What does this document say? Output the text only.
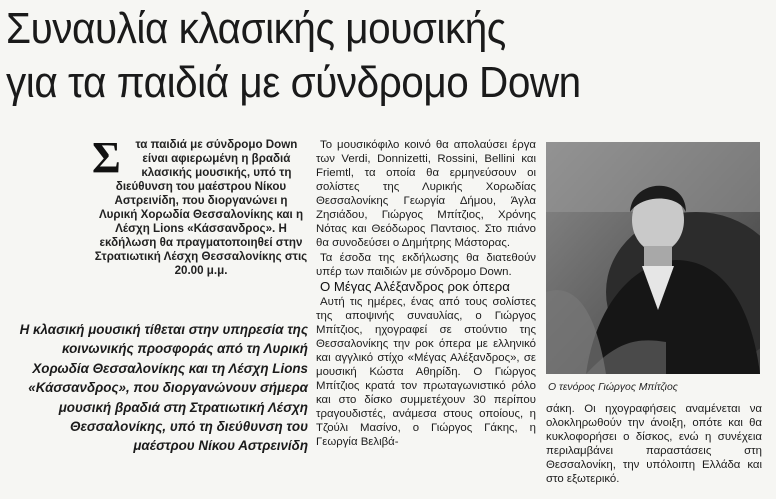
Συναυλία κλασικής μουσικής
για τα παιδιά με σύνδρομο Down
Σ τα παιδιά με σύνδρομο Down είναι αφιερωμένη η βραδιά κλασικής μουσικής, υπό τη διεύθυνση του μαέστρου Νίκου Αστρεινίδη, που διοργανώνει η Λυρική Χορωδία Θεσσαλονίκης και η Λέσχη Lions «Κάσσανδρος». Η εκδήλωση θα πραγματοποιηθεί στην Στρατιωτική Λέσχη Θεσσαλονίκης στις 20.00 μ.μ.
Η κλασική μουσική τίθεται στην υπηρεσία της κοινωνικής προσφοράς από τη Λυρική Χορωδία Θεσσαλονίκης και τη Λέσχη Lions «Κάσσανδρος», που διοργανώνουν σήμερα μουσική βραδιά στη Στρατιωτική Λέσχη Θεσσαλονίκης, υπό τη διεύθυνση του μαέστρου Νίκου Αστρεινίδη

Το μουσικόφιλο κοινό θα απολαύσει έργα των Verdi, Donnizetti, Rossini, Bellini και Friemtl, τα οποία θα ερμηνεύσουν οι σολίστες της Λυρικής Χορωδίας Θεσσαλονίκης Γεωργία Δήμου, Άγλα Ζησιάδου, Γιώργος Μπίτζιος, Χρόνης Νότας και Θεόδωρος Παντσιος. Στο πιάνο θα συνοδεύσει ο Δημήτρης Μάστορας.

Τα έσοδα της εκδήλωσης θα διατεθούν υπέρ των παιδιών με σύνδρομο Down.

Ο Μέγας Αλέξανδρος ροκ όπερα

Αυτή τις ημέρες, ένας από τους σολίστες της αποψινής συναυλίας, ο Γιώργος Μπίτζιος, ηχογραφεί σε στούντιο της Θεσσαλονίκης την ροκ όπερα με ελληνικό και αγγλικό στίχο «Μέγας Αλέξανδρος», σε μουσική Κώστα Αθηρίδη. Ο Γιώργος Μπίτζιος κρατά τον πρωταγωνιστικό ρόλο και στο δίσκο συμμετέχουν 30 περίπου τραγουδιστές, ανάμεσα στους οποίους, η Τζούλι Μασίνο, ο Γιώργος Γάκης, η Γεωργία Βελιβά-

Ο τενόρος Γιώργος Μπίτζιος

σάκη. Οι ηχογραφήσεις αναμένεται να ολοκληρωθούν την άνοιξη, οπότε και θα κυκλοφορήσει ο δίσκος, ενώ η συνέχεια περιλαμβάνει παραστάσεις στη Θεσσαλονίκη, την υπόλοιπη Ελλάδα και στο εξωτερικό.
